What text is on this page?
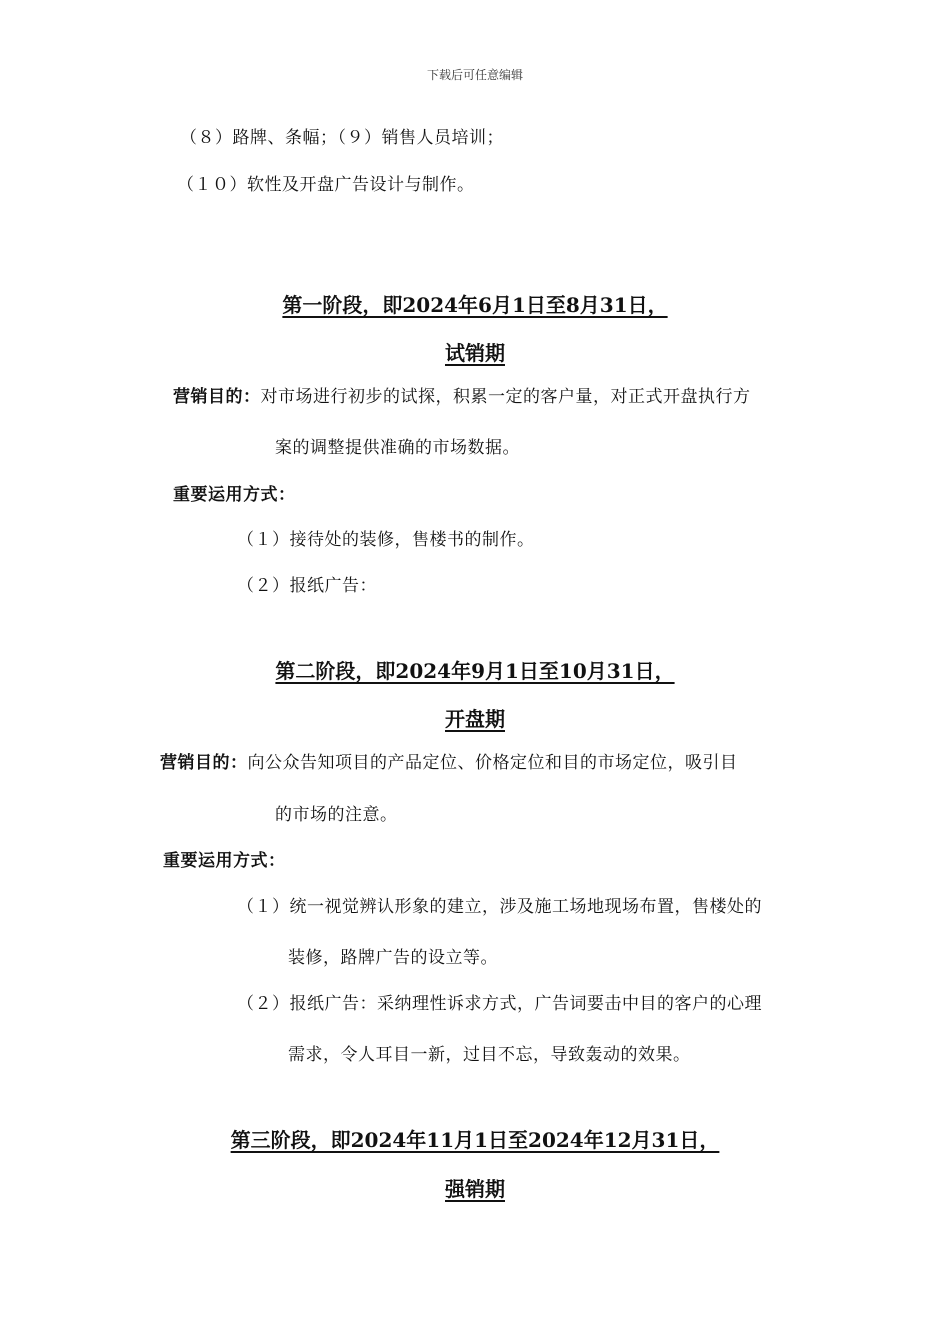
下载后可任意编辑
（８）路牌、条幅；（９）销售人员培训；
（１０）软性及开盘广告设计与制作。
第一阶段，即2024年6月1日至8月31日，
试销期
营销目的：对市场进行初步的试探，积累一定的客户量，对正式开盘执行方
案的调整提供准确的市场数据。
重要运用方式：
（１）接待处的装修，售楼书的制作。
（２）报纸广告：
第二阶段，即2024年9月1日至10月31日，
开盘期
营销目的：向公众告知项目的产品定位、价格定位和目的市场定位，吸引目
的市场的注意。
重要运用方式：
（１）统一视觉辨认形象的建立，涉及施工场地现场布置，售楼处的
装修，路牌广告的设立等。
（２）报纸广告：采纳理性诉求方式，广告词要击中目的客户的心理
需求，令人耳目一新，过目不忘，导致轰动的效果。
第三阶段，即2024年11月1日至2024年12月31日，
强销期
